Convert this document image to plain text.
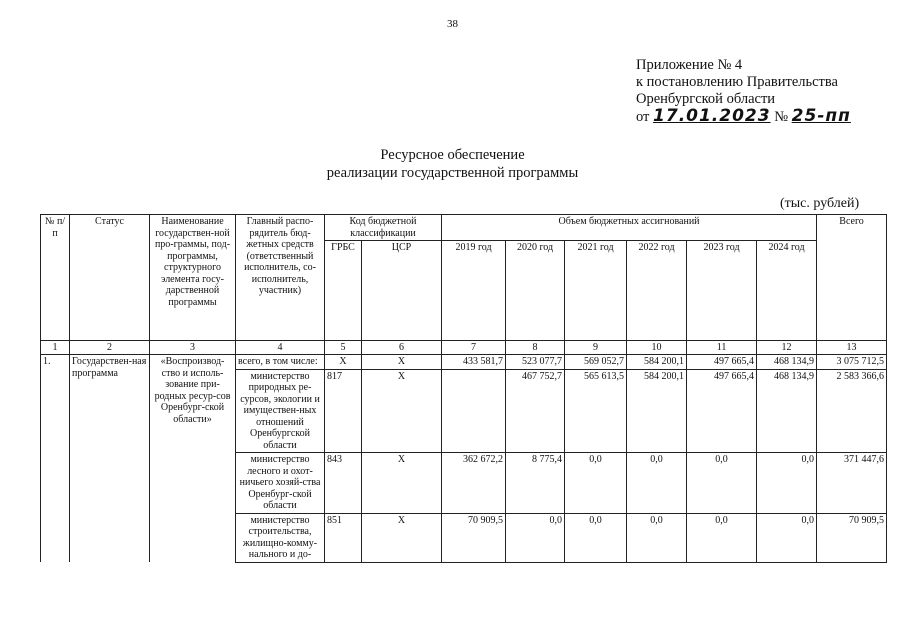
38
Приложение № 4
к постановлению Правительства
Оренбургской области
от 17.01.2023 № 25-пп
Ресурсное обеспечение
реализации государственной программы
(тыс. рублей)
№ п/п	Статус	Наименование государствен-ной про-граммы, под-программы, структурного элемента госу-дарственной программы	Главный распо-рядитель бюд-жетных средств (ответственный исполнитель, со-исполнитель, участник)	Код бюджетной классификации		Объем бюджетных ассигнований						Всего
				ГРБС	ЦСР	2019 год	2020 год	2021 год	2022 год	2023 год	2024 год	
1	2	3	4	5	6	7	8	9	10	11	12	13
1.	Государствен-ная программа	«Воспроизвод-ство и исполь-зование при-родных ресур-сов Оренбург-ской области»	всего, в том числе:	Х	Х	433 581,7	523 077,7	569 052,7	584 200,1	497 665,4	468 134,9	3 075 712,5
			министерство природных ре-сурсов, экологии и имуществен-ных отношений Оренбургской области	817	Х		467 752,7	565 613,5	584 200,1	497 665,4	468 134,9	2 583 366,6
			министерство лесного и охот-ничьего хозяй-ства Оренбург-ской области	843	Х	362 672,2	8 775,4	0,0	0,0	0,0	0,0	371 447,6
			министерство строительства, жилищно-комму-нального и до-	851	Х	70 909,5	0,0	0,0	0,0	0,0	0,0	70 909,5
